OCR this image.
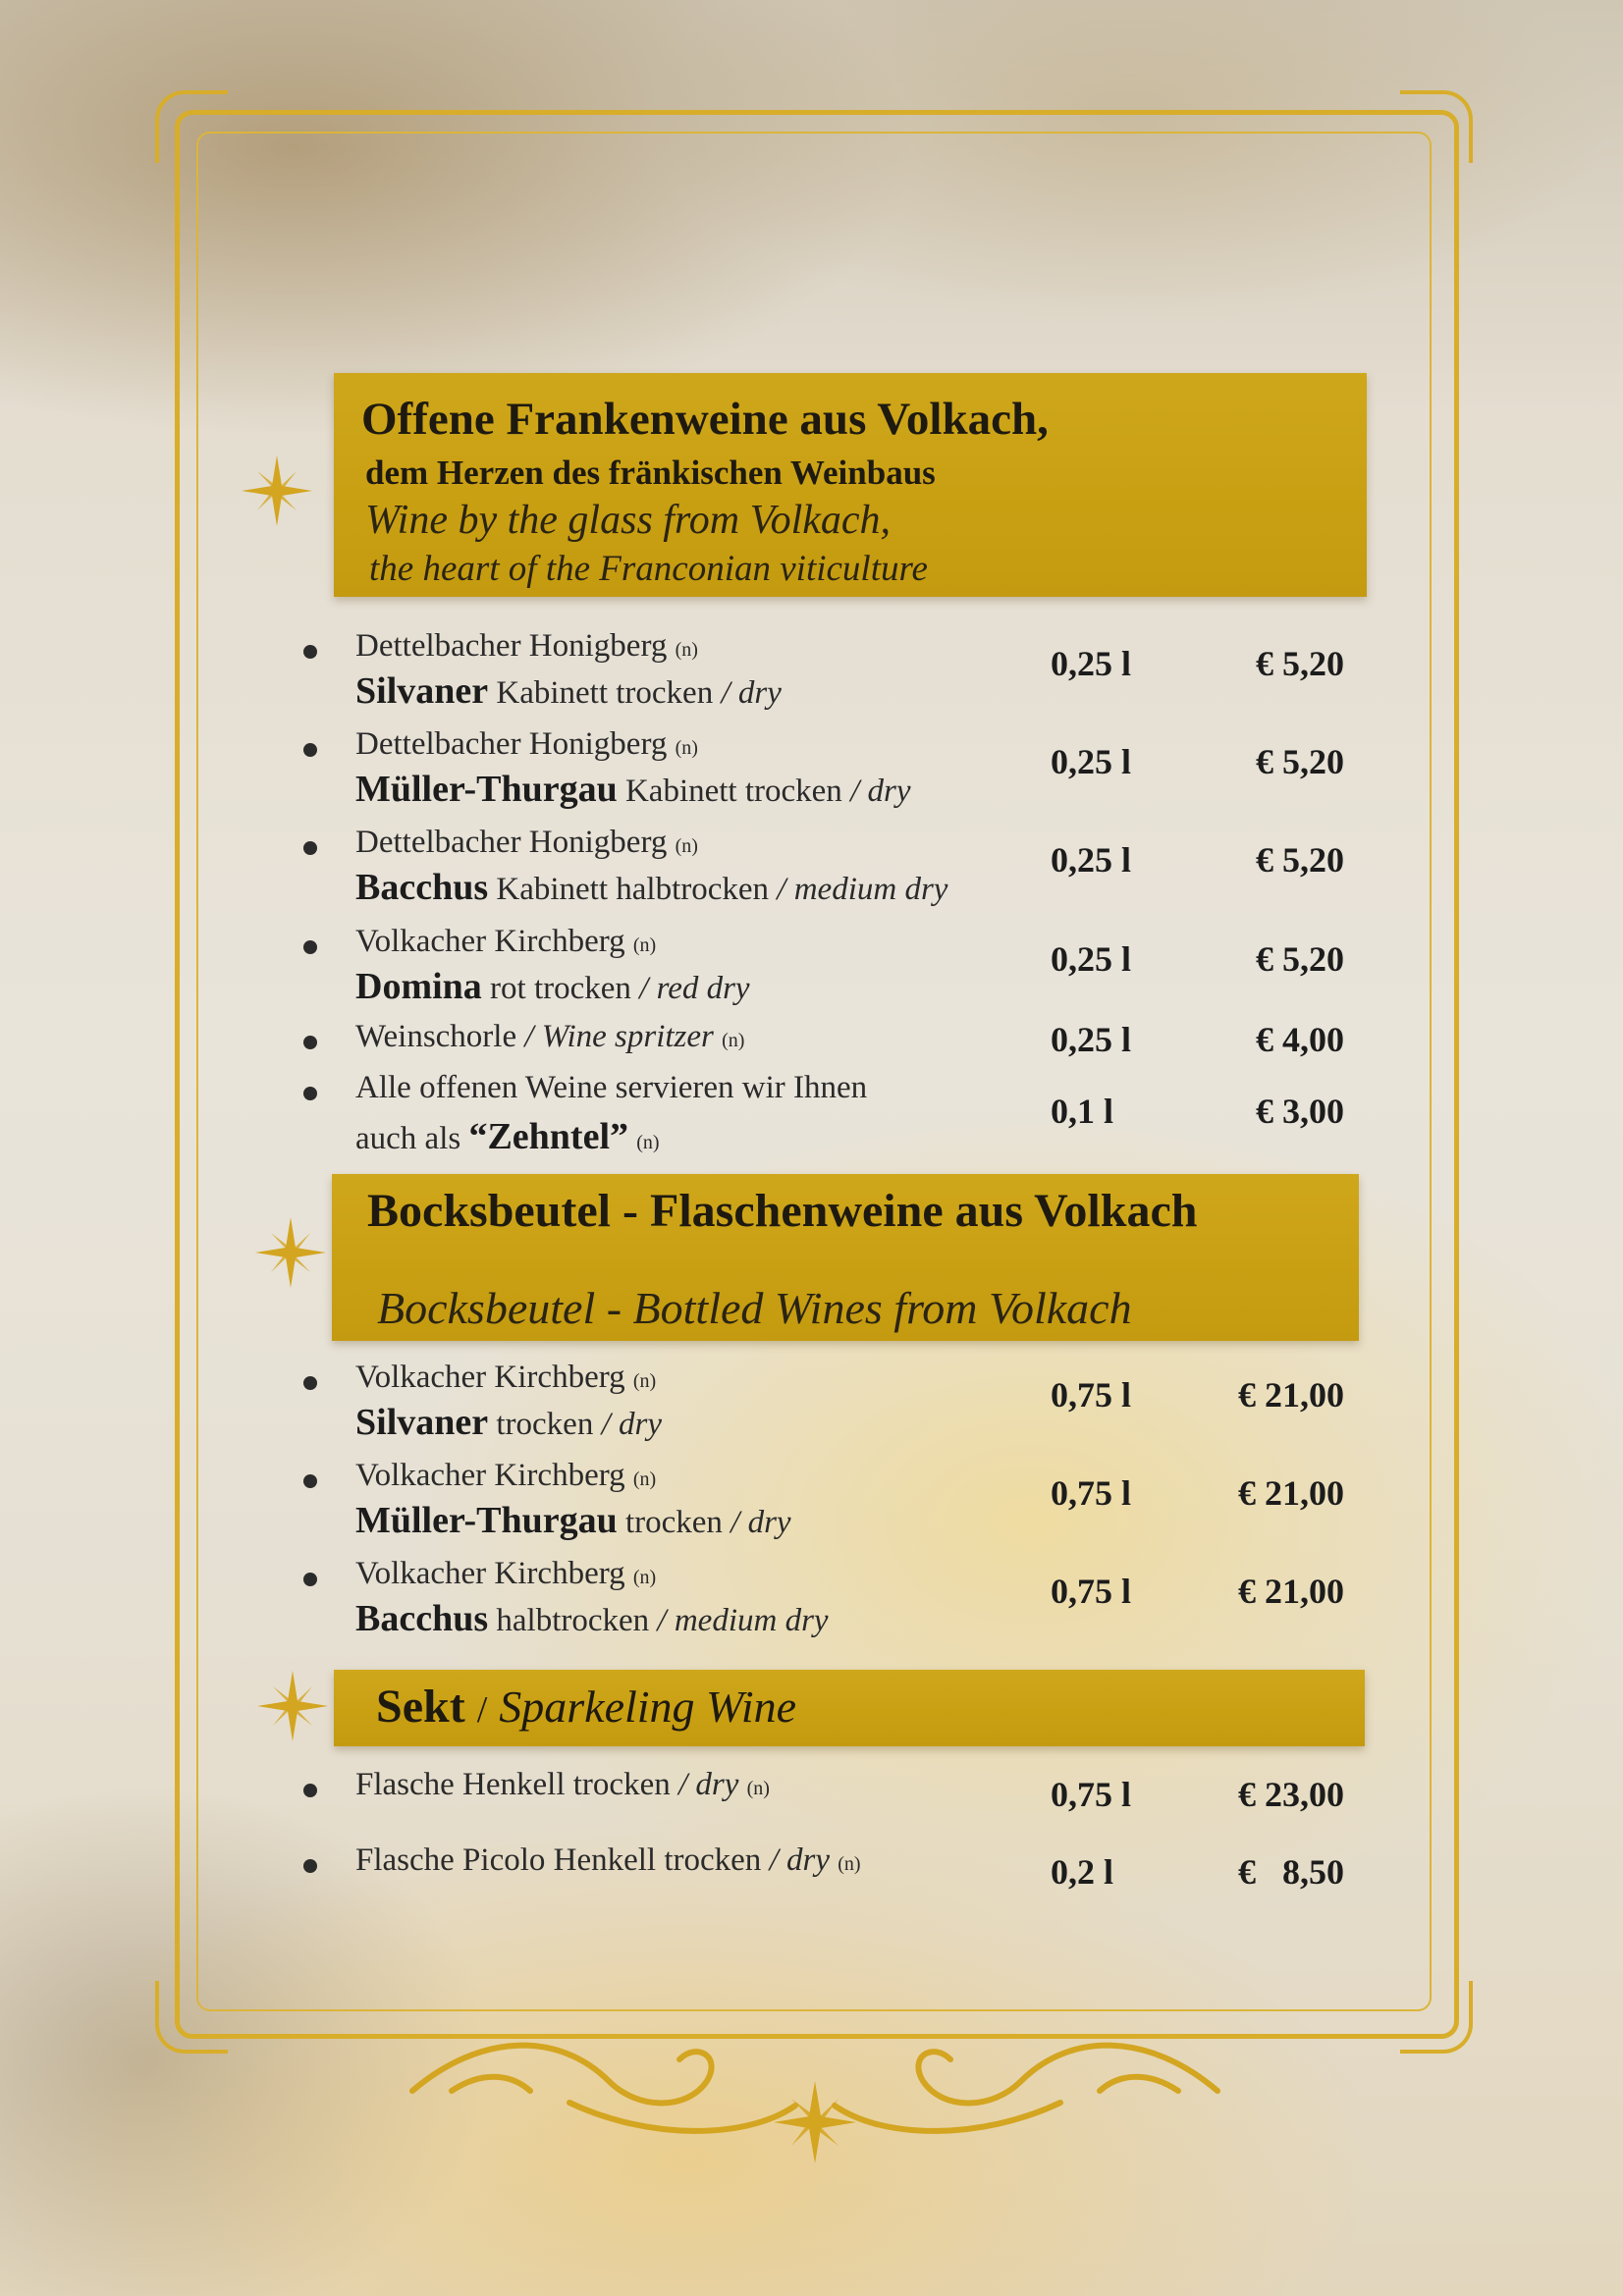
Offene Frankenweine aus Volkach,
dem Herzen des fränkischen Weinbaus
Wine by the glass from Volkach,
the heart of the Franconian viticulture
Dettelbacher Honigberg (n)
Silvaner Kabinett trocken / dry
0,25 l	€ 5,20
Dettelbacher Honigberg (n)
Müller-Thurgau Kabinett trocken / dry
0,25 l	€ 5,20
Dettelbacher Honigberg (n)
Bacchus Kabinett halbtrocken / medium dry
0,25 l	€ 5,20
Volkacher Kirchberg (n)
Domina rot trocken / red dry
0,25 l	€ 5,20
Weinschorle / Wine spritzer (n)	0,25 l	€ 4,00
Alle offenen Weine servieren wir Ihnen
auch als “Zehntel” (n)
0,1 l	€ 3,00
Bocksbeutel - Flaschenweine aus Volkach
Bocksbeutel - Bottled Wines from Volkach
Volkacher Kirchberg (n)
Silvaner trocken / dry
0,75 l	€ 21,00
Volkacher Kirchberg (n)
Müller-Thurgau trocken / dry
0,75 l	€ 21,00
Volkacher Kirchberg (n)
Bacchus halbtrocken / medium dry
0,75 l	€ 21,00
Sekt / Sparkeling Wine
Flasche Henkell trocken / dry (n)	0,75 l	€ 23,00
Flasche Picolo Henkell trocken / dry (n)	0,2 l	€   8,50
